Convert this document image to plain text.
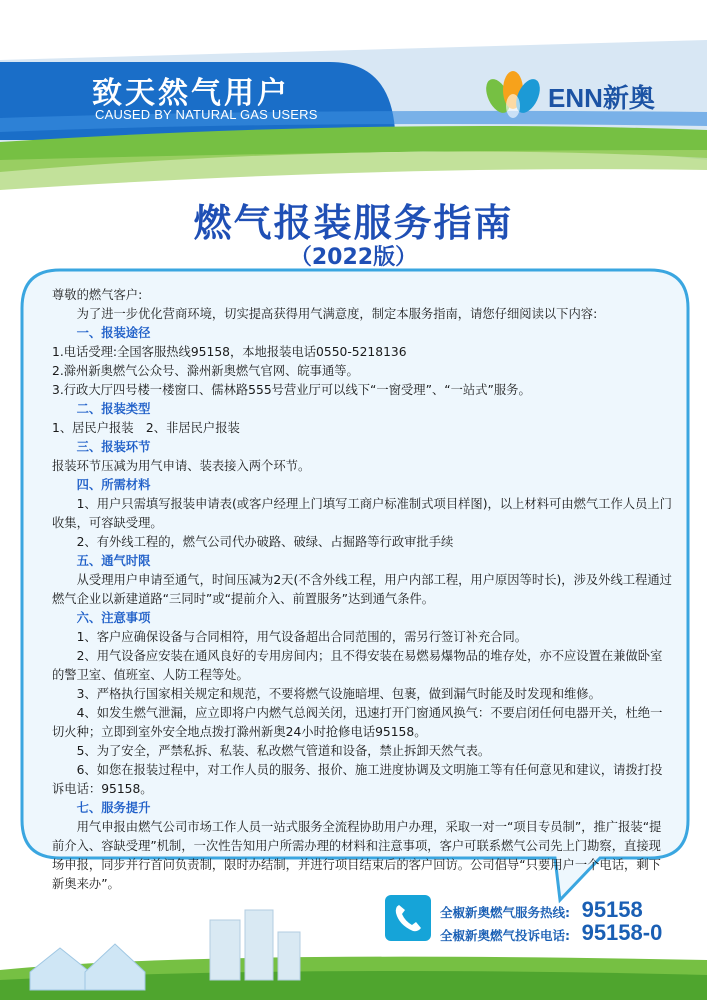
致天然气用户
CAUSED BY NATURAL GAS USERS
ENN新奥
燃气报装服务指南
（2022版）

尊敬的燃气客户:

为了进一步优化营商环境，切实提高获得用气满意度，制定本服务指南，请您仔细阅读以下内容:

一、报装途径

1.电话受理:全国客服热线95158，本地报装电话0550-5218136

2.滁州新奥燃气公众号、滁州新奥燃气官网、皖事通等。

3.行政大厅四号楼一楼窗口、儒林路555号营业厅可以线下“一窗受理”、“一站式”服务。

二、报装类型

1、居民户报装　2、非居民户报装

三、报装环节

报装环节压减为用气申请、装表接入两个环节。

四、所需材料

1、用户只需填写报装申请表(或客户经理上门填写工商户标准制式项目样图)，以上材料可由燃气工作人员上门收集，可容缺受理。

2、有外线工程的，燃气公司代办破路、破绿、占掘路等行政审批手续

五、通气时限

从受理用户申请至通气，时间压减为2天(不含外线工程，用户内部工程，用户原因等时长)，涉及外线工程通过燃气企业以新建道路“三同时”或“提前介入、前置服务”达到通气条件。

六、注意事项

1、客户应确保设备与合同相符，用气设备超出合同范围的，需另行签订补充合同。

2、用气设备应安装在通风良好的专用房间内；且不得安装在易燃易爆物品的堆存处，亦不应设置在兼做卧室的警卫室、值班室、人防工程等处。

3、严格执行国家相关规定和规范，不要将燃气设施暗埋、包裹，做到漏气时能及时发现和维修。

4、如发生燃气泄漏，应立即将户内燃气总阀关闭，迅速打开门窗通风换气：不要启闭任何电器开关，杜绝一切火种；立即到室外安全地点拨打滁州新奥24小时抢修电话95158。

5、为了安全，严禁私拆、私装、私改燃气管道和设备，禁止拆卸天然气表。

6、如您在报装过程中，对工作人员的服务、报价、施工进度协调及文明施工等有任何意见和建议，请拨打投诉电话：95158。

七、服务提升

用气申报由燃气公司市场工作人员一站式服务全流程协助用户办理，采取一对一“项目专员制”，推广报装“提前介入、容缺受理”机制，一次性告知用户所需办理的材料和注意事项，客户可联系燃气公司先上门勘察，直接现场申报，同步并行首问负责制，限时办结制，并进行项目结束后的客户回访。公司倡导“只要用户一个电话，剩下新奥来办”。

全椒新奥燃气服务热线: 95158
全椒新奥燃气投诉电话: 95158-0
